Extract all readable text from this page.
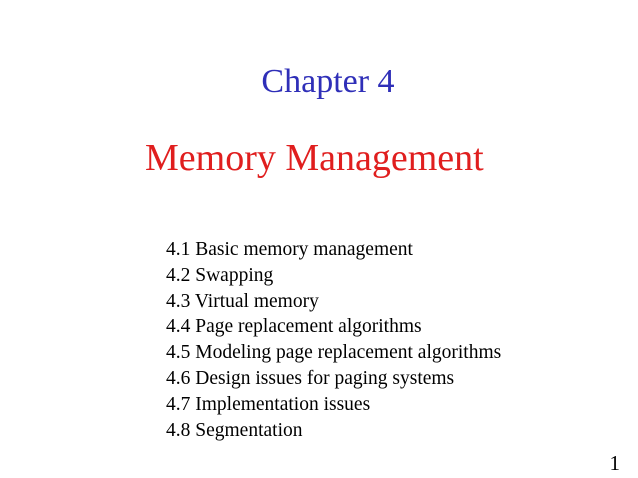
Chapter 4
Memory Management
4.1 Basic memory management
4.2 Swapping
4.3 Virtual memory
4.4 Page replacement algorithms
4.5 Modeling page replacement algorithms
4.6 Design issues for paging systems
4.7 Implementation issues
4.8 Segmentation
1
